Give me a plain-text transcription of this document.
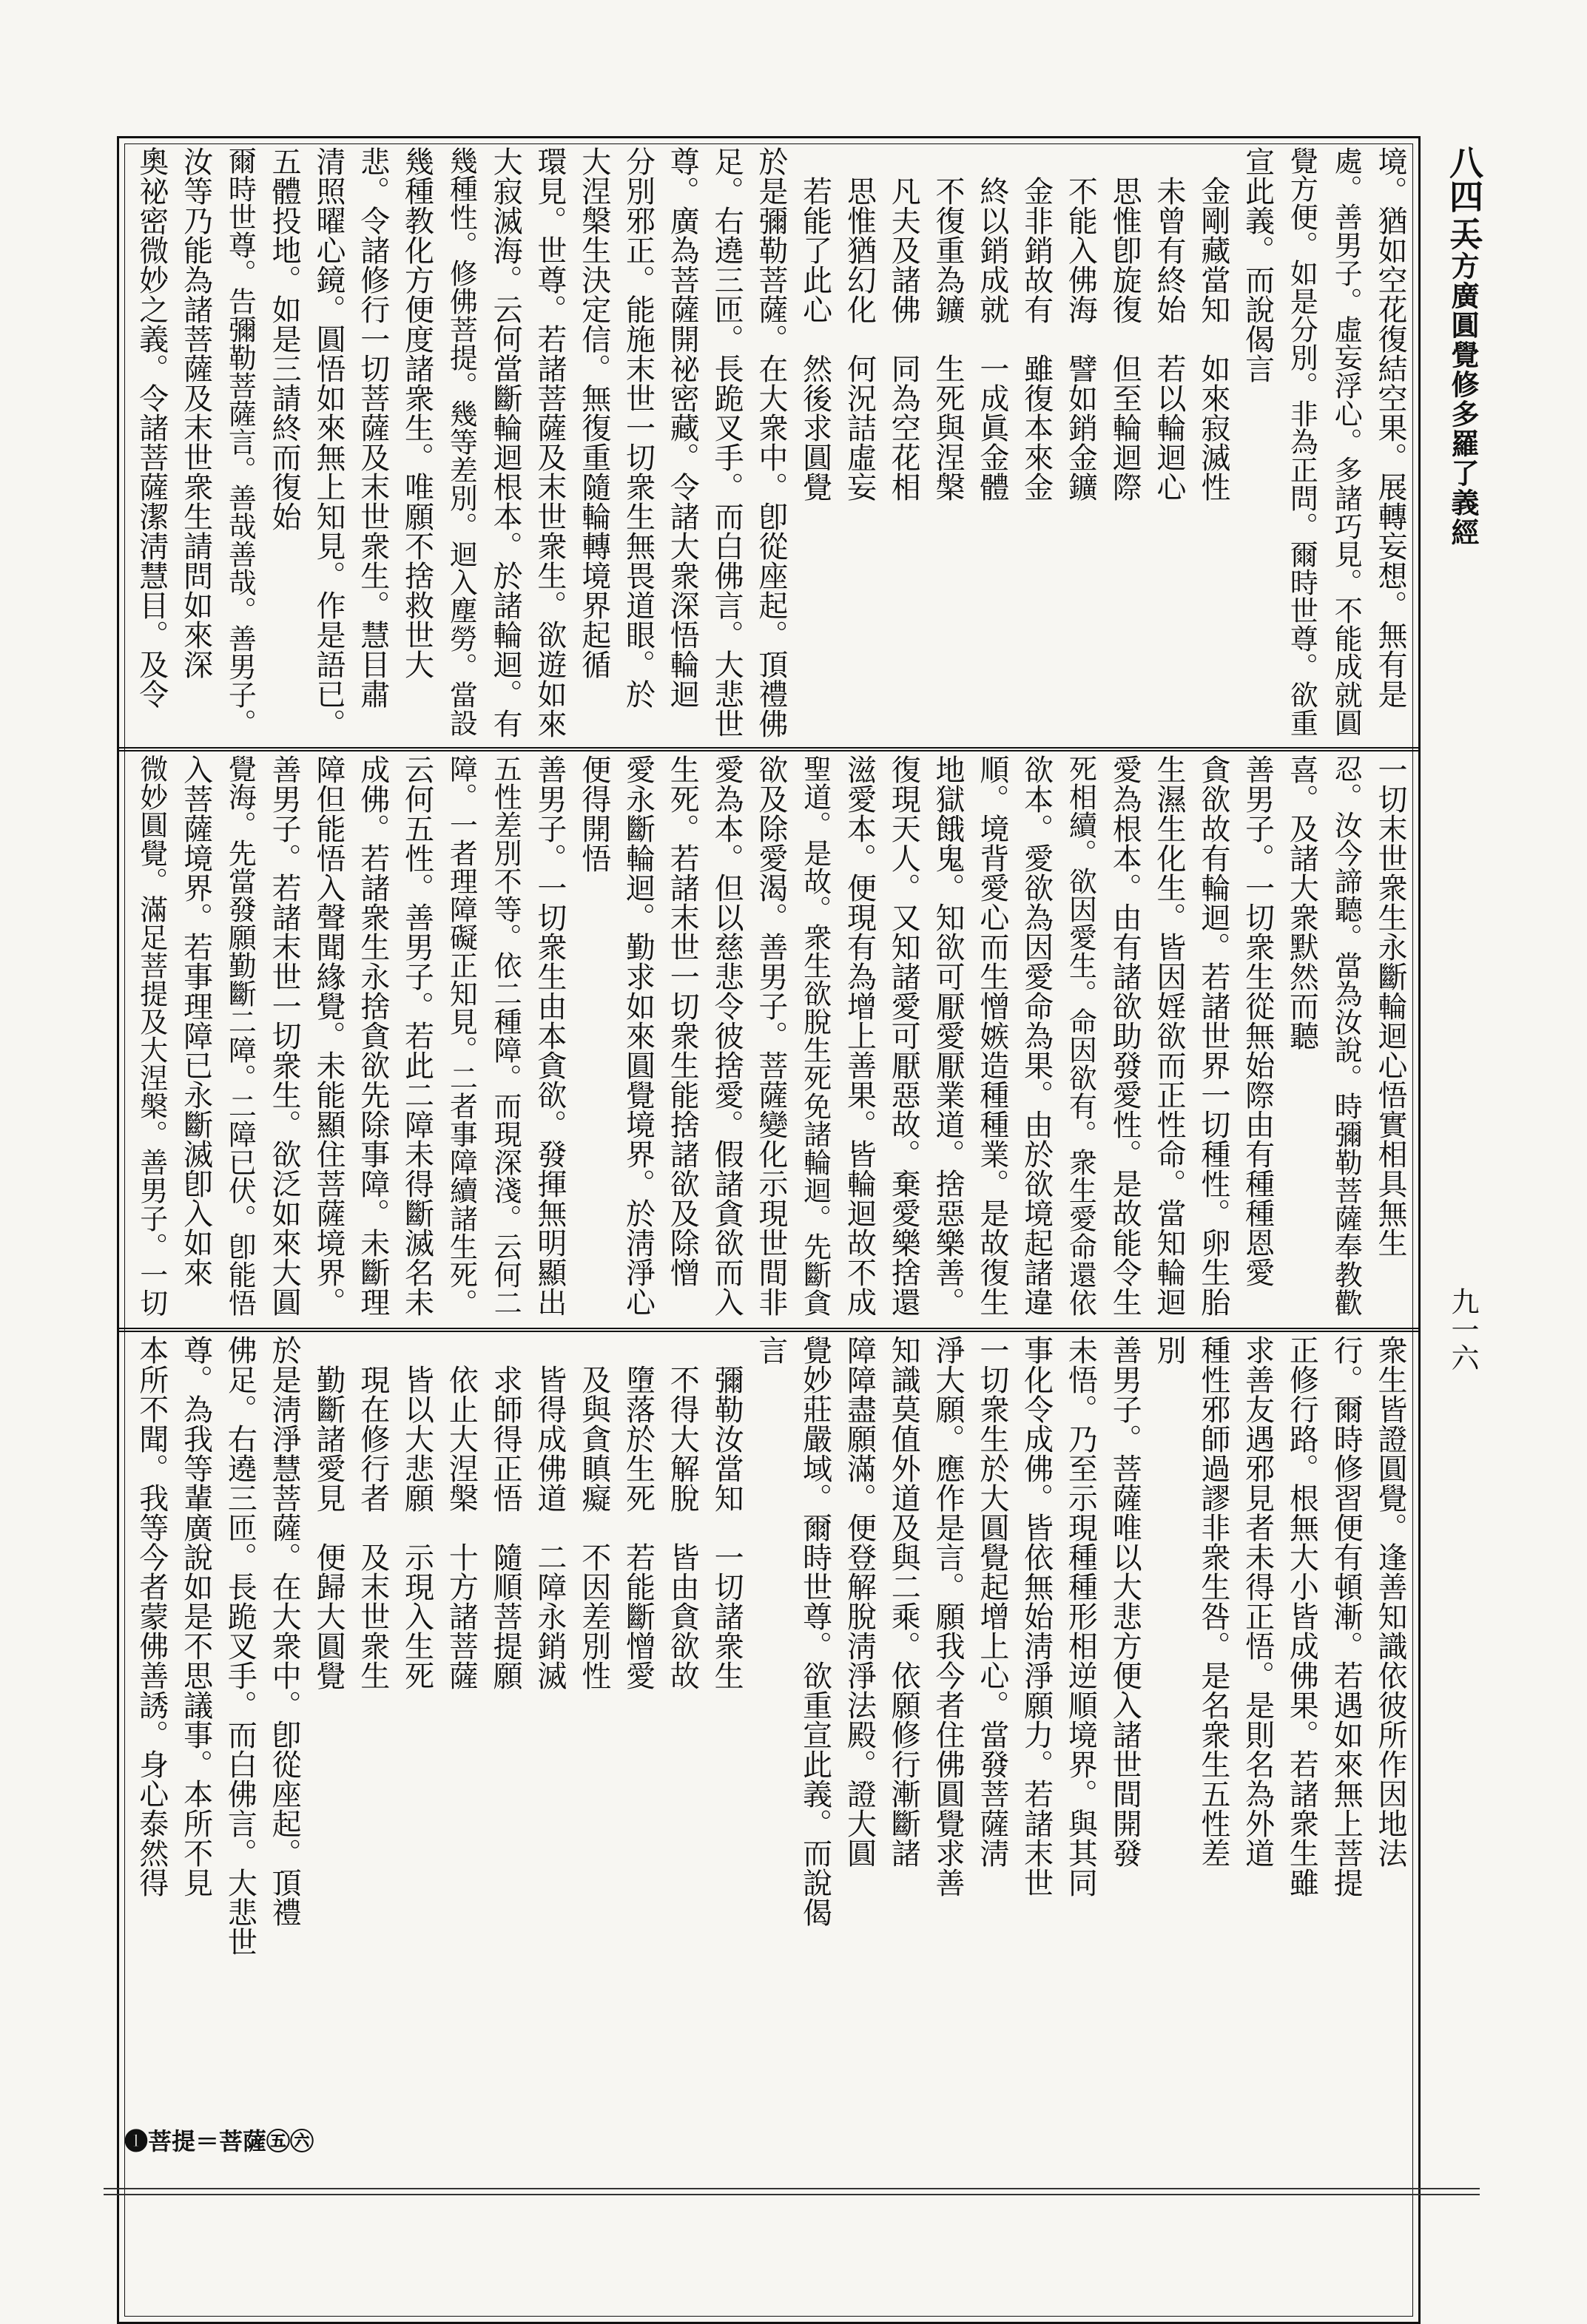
八四二
大方廣圓覺修多羅了義經
九一六
境。猶如空花復結空果。展轉妄想。無有是
處。善男子。虛妄浮心。多諸巧見。不能成就圓
覺方便。如是分別。非為正問。爾時世尊。欲重
宣此義。而說偈言
　金剛藏當知　如來寂滅性
　未曾有終始　若以輪迴心
　思惟卽旋復　但至輪迴際
　不能入佛海　譬如銷金鑛
　金非銷故有　雖復本來金
　終以銷成就　一成眞金體
　不復重為鑛　生死與涅槃
　凡夫及諸佛　同為空花相
　思惟猶幻化　何況詰虛妄
　若能了此心　然後求圓覺
於是彌勒菩薩。在大衆中。卽從座起。頂禮佛
足。右遶三匝。長跪叉手。而白佛言。大悲世
尊。廣為菩薩開祕密藏。令諸大衆深悟輪迴
分別邪正。能施末世一切衆生無畏道眼。於
大涅槃生決定信。無復重隨輪轉境界起循
環見。世尊。若諸菩薩及末世衆生。欲遊如來
大寂滅海。云何當斷輪迴根本。於諸輪迴。有
幾種性。修佛菩提。幾等差別。迴入塵勞。當設
幾種教化方便度諸衆生。唯願不捨救世大
悲。令諸修行一切菩薩及末世衆生。慧目肅
清照曜心鏡。圓悟如來無上知見。作是語已。
五體投地。如是三請終而復始
爾時世尊。告彌勒菩薩言。善哉善哉。善男子。
汝等乃能為諸菩薩及末世衆生請問如來深
奧祕密微妙之義。令諸菩薩潔淸慧目。及令
一切末世衆生永斷輪迴心悟實相具無生
忍。汝今諦聽。當為汝說。時彌勒菩薩奉教歡
喜。及諸大衆默然而聽
善男子。一切衆生從無始際由有種種恩愛
貪欲故有輪迴。若諸世界一切種性。卵生胎
生濕生化生。皆因婬欲而正性命。當知輪迴
愛為根本。由有諸欲助發愛性。是故能令生
死相續。欲因愛生。命因欲有。衆生愛命還依
欲本。愛欲為因愛命為果。由於欲境起諸違
順。境背愛心而生憎嫉造種種業。是故復生
地獄餓鬼。知欲可厭愛厭業道。捨惡樂善。
復現天人。又知諸愛可厭惡故。棄愛樂捨還
滋愛本。便現有為增上善果。皆輪迴故不成
聖道。是故。衆生欲脫生死免諸輪迴。先斷貪
欲及除愛渴。善男子。菩薩變化示現世間非
愛為本。但以慈悲令彼捨愛。假諸貪欲而入
生死。若諸末世一切衆生能捨諸欲及除憎
愛永斷輪迴。勤求如來圓覺境界。於淸淨心
便得開悟
善男子。一切衆生由本貪欲。發揮無明顯出
五性差別不等。依二種障。而現深淺。云何二
障。一者理障礙正知見。二者事障續諸生死。
云何五性。善男子。若此二障未得斷滅名未
成佛。若諸衆生永捨貪欲先除事障。未斷理
障但能悟入聲聞緣覺。未能顯住菩薩境界。
善男子。若諸末世一切衆生。欲泛如來大圓
覺海。先當發願勤斷二障。二障已伏。卽能悟
入菩薩境界。若事理障已永斷滅卽入如來
微妙圓覺。滿足菩提及大涅槃。善男子。一切
衆生皆證圓覺。逢善知識依彼所作因地法
行。爾時修習便有頓漸。若遇如來無上菩提
正修行路。根無大小皆成佛果。若諸衆生雖
求善友遇邪見者未得正悟。是則名為外道
種性邪師過謬非衆生咎。是名衆生五性差
別
善男子。菩薩唯以大悲方便入諸世間開發
未悟。乃至示現種種形相逆順境界。與其同
事化令成佛。皆依無始淸淨願力。若諸末世
一切衆生於大圓覺起增上心。當發菩薩淸
淨大願。應作是言。願我今者住佛圓覺求善
知識莫值外道及與二乘。依願修行漸斷諸
障障盡願滿。便登解脫淸淨法殿。證大圓
覺妙莊嚴域。爾時世尊。欲重宣此義。而說偈
言
　彌勒汝當知　一切諸衆生
　不得大解脫　皆由貪欲故
　墮落於生死　若能斷憎愛
　及與貪瞋癡　不因差別性
　皆得成佛道　二障永銷滅
　求師得正悟　隨順菩提願
　依止大涅槃　十方諸菩薩
　皆以大悲願　示現入生死
　現在修行者　及末世衆生
　勤斷諸愛見　便歸大圓覺
於是淸淨慧菩薩。在大衆中。卽從座起。頂禮
佛足。右遶三匝。長跪叉手。而白佛言。大悲世
尊。為我等輩廣說如是不思議事。本所不見
本所不聞。我等今者蒙佛善誘。身心泰然得
❶菩提＝菩薩㊄㊅
